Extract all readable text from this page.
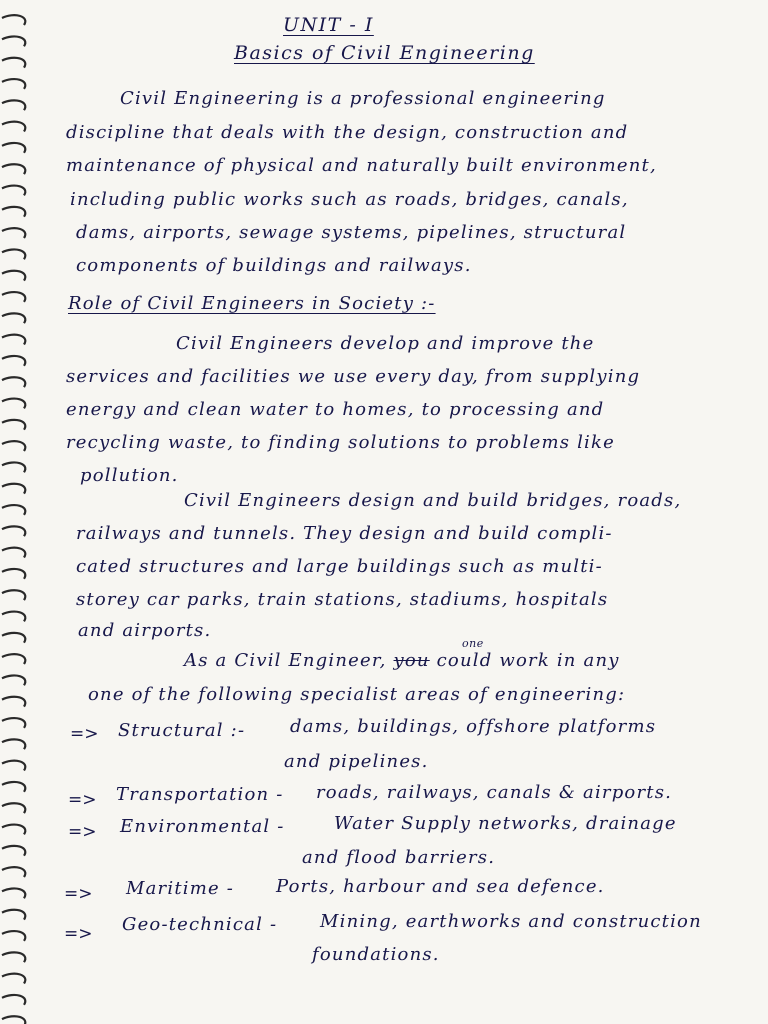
UNIT - I
Basics of Civil Engineering
Civil Engineering is a professional engineering
discipline that deals with the design, construction and
maintenance of physical and naturally built environment,
including public works such as roads, bridges, canals,
dams, airports, sewage systems, pipelines, structural
components of buildings and railways.
Role of Civil Engineers in Society :-
Civil Engineers develop and improve the
services and facilities we use every day, from supplying
energy and clean water to homes, to processing and
recycling waste, to finding solutions to problems like
pollution.
Civil Engineers design and build bridges, roads,
railways and tunnels. They design and build compli-
cated structures and large buildings such as multi-
storey car parks, train stations, stadiums, hospitals
and airports.
one
As a Civil Engineer, you could work in any
one of the following specialist areas of engineering:
=> Structural :- dams, buildings, offshore platforms
and pipelines.
=> Transportation - roads, railways, canals & airports.
=> Environmental -	Water Supply networks, drainage
and flood barriers.
=> Maritime - Ports, harbour and sea defence.
=> Geo-technical - Mining, earthworks and construction
foundations.
